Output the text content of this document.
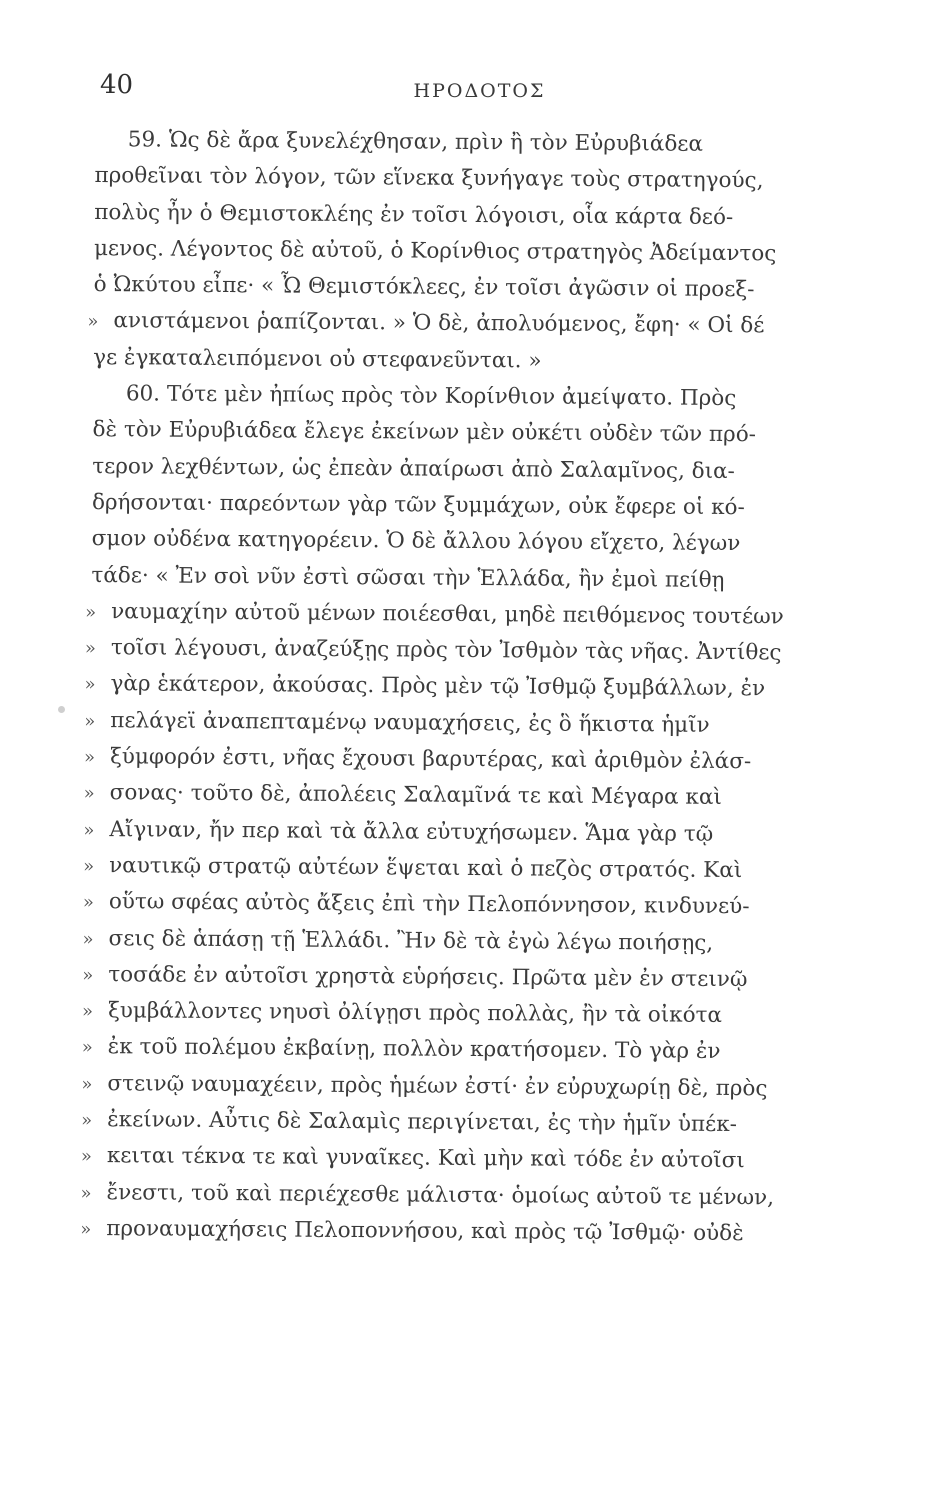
40	ΗΡΟΔΟΤΟΣ
59. Ὡς δὲ ἄρα ξυνελέχθησαν, πρὶν ἢ τὸν Εὐρυβιάδεα
προθεῖναι τὸν λόγον, τῶν εἵνεκα ξυνήγαγε τοὺς στρατηγούς,
πολὺς ἦν ὁ Θεμιστοκλέης ἐν τοῖσι λόγοισι, οἷα κάρτα δεό-
μενος. Λέγοντος δὲ αὐτοῦ, ὁ Κορίνθιος στρατηγὸς Ἀδείμαντος
ὁ Ὠκύτου εἶπε· « Ὦ Θεμιστόκλεες, ἐν τοῖσι ἀγῶσιν οἱ προεξ-
» ανιστάμενοι ῥαπίζονται. » Ὁ δὲ, ἀπολυόμενος, ἔφη· « Οἱ δέ
γε ἐγκαταλειπόμενοι οὐ στεφανεῦνται. »
60. Τότε μὲν ἠπίως πρὸς τὸν Κορίνθιον ἀμείψατο. Πρὸς
δὲ τὸν Εὐρυβιάδεα ἔλεγε ἐκείνων μὲν οὐκέτι οὐδὲν τῶν πρό-
τερον λεχθέντων, ὡς ἐπεὰν ἀπαίρωσι ἀπὸ Σαλαμῖνος, δια-
δρήσονται· παρεόντων γὰρ τῶν ξυμμάχων, οὐκ ἔφερε οἱ κό-
σμον οὐδένα κατηγορέειν. Ὁ δὲ ἄλλου λόγου εἴχετο, λέγων
τάδε· « Ἐν σοὶ νῦν ἐστὶ σῶσαι τὴν Ἑλλάδα, ἢν ἐμοὶ πείθῃ
» ναυμαχίην αὐτοῦ μένων ποιέεσθαι, μηδὲ πειθόμενος τουτέων
» τοῖσι λέγουσι, ἀναζεύξῃς πρὸς τὸν Ἰσθμὸν τὰς νῆας. Ἀντίθες
» γὰρ ἑκάτερον, ἀκούσας. Πρὸς μὲν τῷ Ἰσθμῷ ξυμβάλλων, ἐν
» πελάγεϊ ἀναπεπταμένῳ ναυμαχήσεις, ἐς ὃ ἥκιστα ἡμῖν
» ξύμφορόν ἐστι, νῆας ἔχουσι βαρυτέρας, καὶ ἀριθμὸν ἐλάσ-
» σονας· τοῦτο δὲ, ἀπολέεις Σαλαμῖνά τε καὶ Μέγαρα καὶ
» Αἴγιναν, ἤν περ καὶ τὰ ἄλλα εὐτυχήσωμεν. Ἅμα γὰρ τῷ
» ναυτικῷ στρατῷ αὐτέων ἕψεται καὶ ὁ πεζὸς στρατός. Καὶ
» οὕτω σφέας αὐτὸς ἄξεις ἐπὶ τὴν Πελοπόννησον, κινδυνεύ-
» σεις δὲ ἁπάσῃ τῇ Ἑλλάδι. Ἢν δὲ τὰ ἐγὼ λέγω ποιήσῃς,
» τοσάδε ἐν αὐτοῖσι χρηστὰ εὑρήσεις. Πρῶτα μὲν ἐν στεινῷ
» ξυμβάλλοντες νηυσὶ ὀλίγῃσι πρὸς πολλὰς, ἢν τὰ οἰκότα
» ἐκ τοῦ πολέμου ἐκβαίνῃ, πολλὸν κρατήσομεν. Τὸ γὰρ ἐν
» στεινῷ ναυμαχέειν, πρὸς ἡμέων ἐστί· ἐν εὐρυχωρίῃ δὲ, πρὸς
» ἐκείνων. Αὖτις δὲ Σαλαμὶς περιγίνεται, ἐς τὴν ἡμῖν ὑπέκ-
» κειται τέκνα τε καὶ γυναῖκες. Καὶ μὴν καὶ τόδε ἐν αὐτοῖσι
» ἔνεστι, τοῦ καὶ περιέχεσθε μάλιστα· ὁμοίως αὐτοῦ τε μένων,
» προναυμαχήσεις Πελοποννήσου, καὶ πρὸς τῷ Ἰσθμῷ· οὐδὲ
